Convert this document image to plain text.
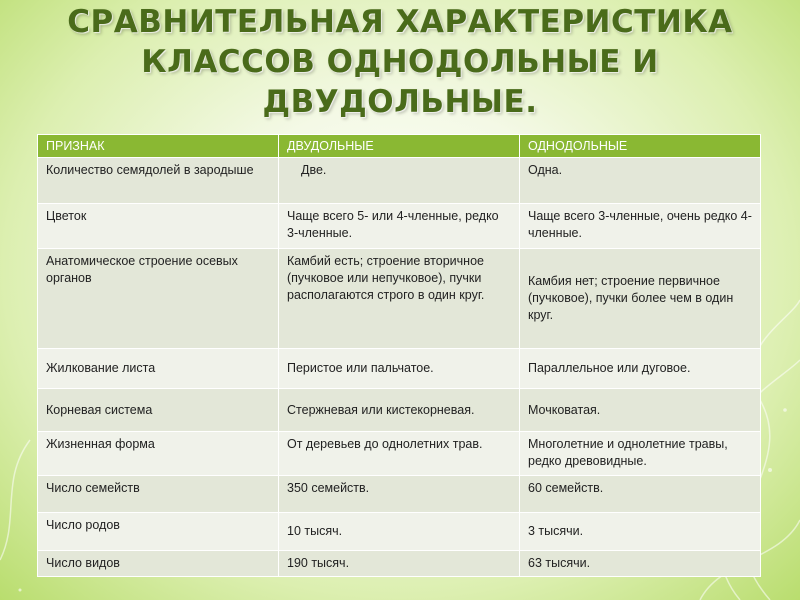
СРАВНИТЕЛЬНАЯ ХАРАКТЕРИСТИКА
КЛАССОВ ОДНОДОЛЬНЫЕ И
ДВУДОЛЬНЫЕ.
ПРИЗНАК	ДВУДОЛЬНЫЕ	ОДНОДОЛЬНЫЕ
Количество семядолей в зародыше	Две.	Одна.
Цветок	Чаще всего 5- или 4-членные, редко 3-членные.	Чаще всего 3-членные, очень редко 4-членные.
Анатомическое строение осевых органов	Камбий есть; строение вторичное (пучковое или непучковое), пучки располагаются строго в один круг.	Камбия нет; строение первичное (пучковое), пучки более чем в один круг.
Жилкование листа	Перистое или пальчатое.	Параллельное или дуговое.
Корневая система	Стержневая или кистекорневая.	Мочковатая.
Жизненная форма	От деревьев до однолетних трав.	Многолетние и однолетние травы, редко древовидные.
Число семейств	350 семейств.	60 семейств.
Число родов	10 тысяч.	3 тысячи.
Число видов	190 тысяч.	63 тысячи.
